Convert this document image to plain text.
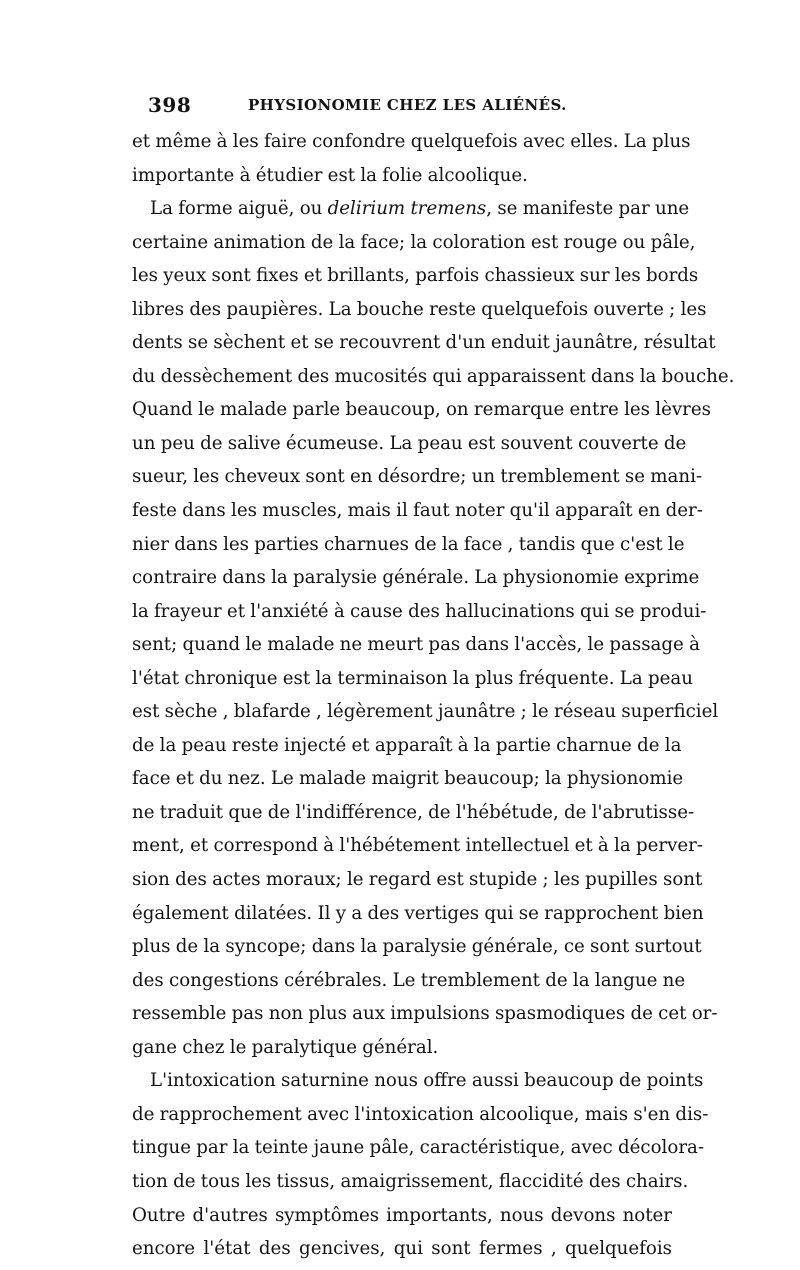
398	PHYSIONOMIE CHEZ LES ALIÉNÉS.
et même à les faire confondre quelquefois avec elles. La plus
importante à étudier est la folie alcoolique.
La forme aiguë, ou delirium tremens, se manifeste par une
certaine animation de la face; la coloration est rouge ou pâle,
les yeux sont fixes et brillants, parfois chassieux sur les bords
libres des paupières. La bouche reste quelquefois ouverte ; les
dents se sèchent et se recouvrent d'un enduit jaunâtre, résultat
du dessèchement des mucosités qui apparaissent dans la bouche.
Quand le malade parle beaucoup, on remarque entre les lèvres
un peu de salive écumeuse. La peau est souvent couverte de
sueur, les cheveux sont en désordre; un tremblement se mani-
feste dans les muscles, mais il faut noter qu'il apparaît en der-
nier dans les parties charnues de la face , tandis que c'est le
contraire dans la paralysie générale. La physionomie exprime
la frayeur et l'anxiété à cause des hallucinations qui se produi-
sent; quand le malade ne meurt pas dans l'accès, le passage à
l'état chronique est la terminaison la plus fréquente. La peau
est sèche , blafarde , légèrement jaunâtre ; le réseau superficiel
de la peau reste injecté et apparaît à la partie charnue de la
face et du nez. Le malade maigrit beaucoup; la physionomie
ne traduit que de l'indifférence, de l'hébétude, de l'abrutisse-
ment, et correspond à l'hébétement intellectuel et à la perver-
sion des actes moraux; le regard est stupide ; les pupilles sont
également dilatées. Il y a des vertiges qui se rapprochent bien
plus de la syncope; dans la paralysie générale, ce sont surtout
des congestions cérébrales. Le tremblement de la langue ne
ressemble pas non plus aux impulsions spasmodiques de cet or-
gane chez le paralytique général.
L'intoxication saturnine nous offre aussi beaucoup de points
de rapprochement avec l'intoxication alcoolique, mais s'en dis-
tingue par la teinte jaune pâle, caractéristique, avec décolora-
tion de tous les tissus, amaigrissement, flaccidité des chairs.
Outre d'autres symptômes importants, nous devons noter
encore l'état des gencives, qui sont fermes , quelquefois
